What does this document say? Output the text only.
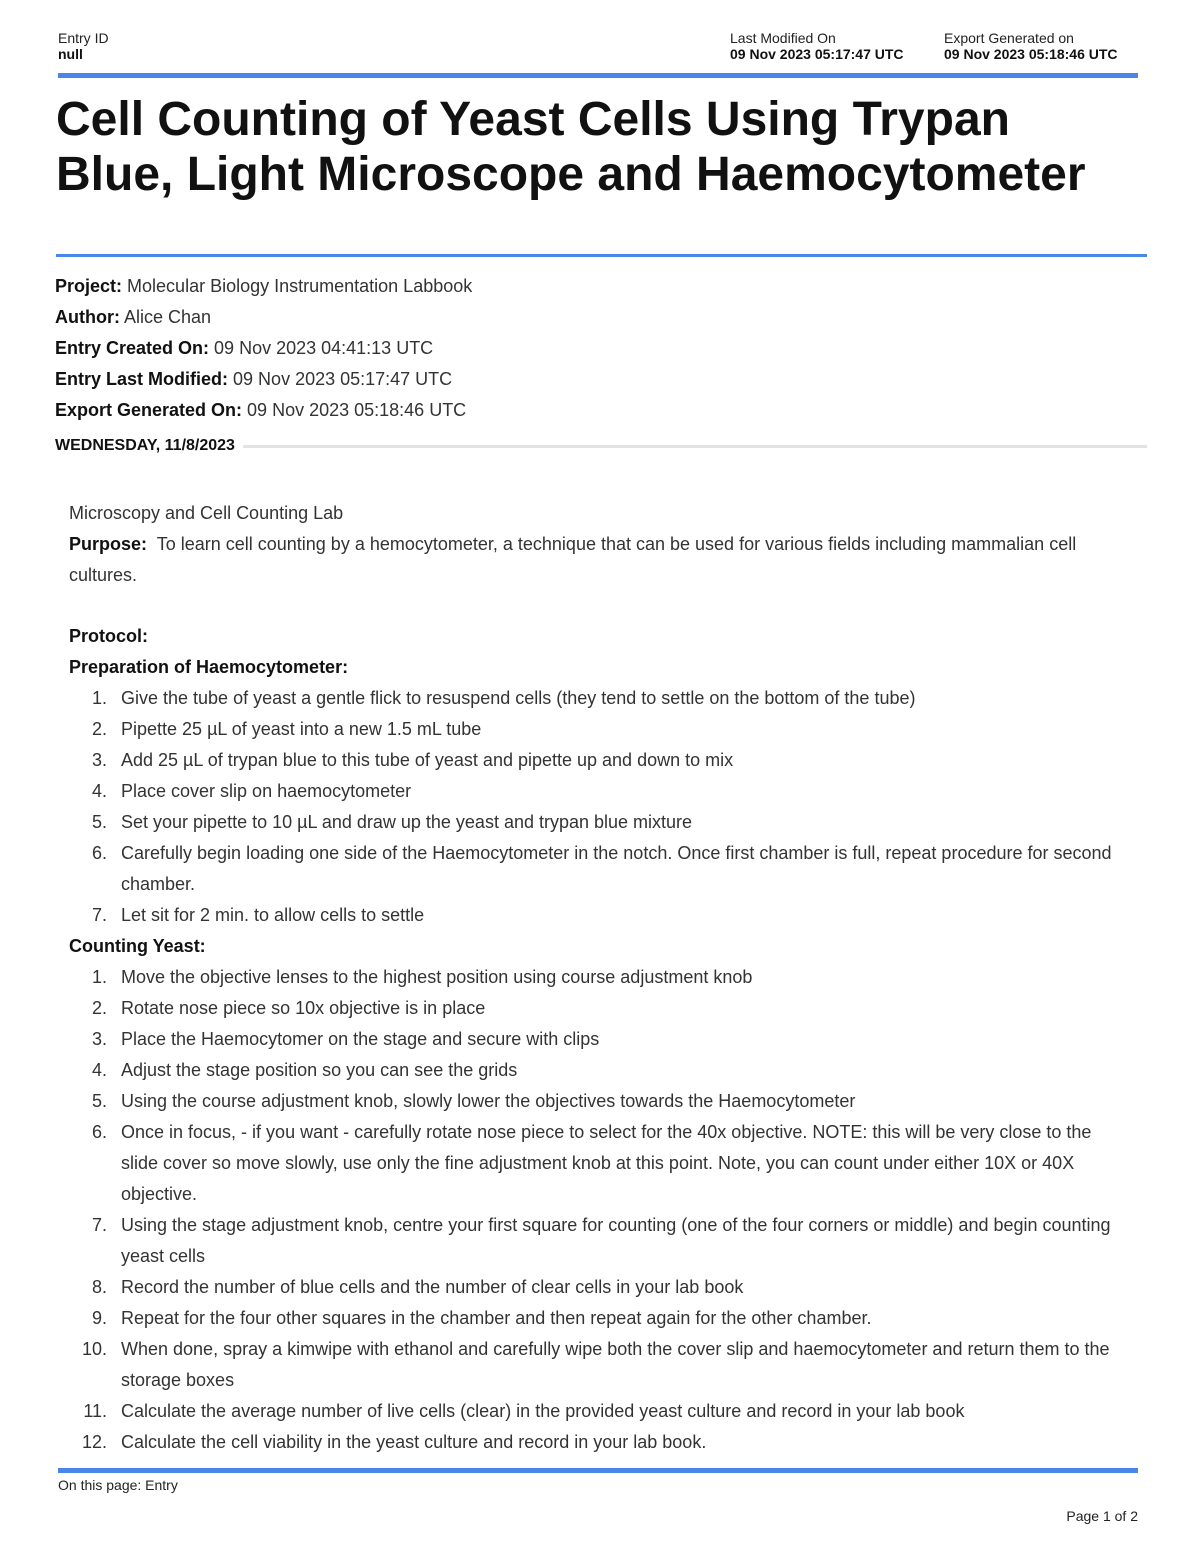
Entry ID
null
Last Modified On
09 Nov 2023 05:17:47 UTC
Export Generated on
09 Nov 2023 05:18:46 UTC
Cell Counting of Yeast Cells Using Trypan Blue, Light Microscope and Haemocytometer
Project: Molecular Biology Instrumentation Labbook
Author: Alice Chan
Entry Created On: 09 Nov 2023 04:41:13 UTC
Entry Last Modified: 09 Nov 2023 05:17:47 UTC
Export Generated On: 09 Nov 2023 05:18:46 UTC
WEDNESDAY, 11/8/2023

Microscopy and Cell Counting Lab

Purpose: To learn cell counting by a hemocytometer, a technique that can be used for various fields including mammalian cell cultures.

Protocol:

Preparation of Haemocytometer:

1. Give the tube of yeast a gentle flick to resuspend cells (they tend to settle on the bottom of the tube)
2. Pipette 25 µL of yeast into a new 1.5 mL tube
3. Add 25 µL of trypan blue to this tube of yeast and pipette up and down to mix
4. Place cover slip on haemocytometer
5. Set your pipette to 10 µL and draw up the yeast and trypan blue mixture
6. Carefully begin loading one side of the Haemocytometer in the notch. Once first chamber is full, repeat procedure for second chamber.
7. Let sit for 2 min. to allow cells to settle

Counting Yeast:

1. Move the objective lenses to the highest position using course adjustment knob
2. Rotate nose piece so 10x objective is in place
3. Place the Haemocytomer on the stage and secure with clips
4. Adjust the stage position so you can see the grids
5. Using the course adjustment knob, slowly lower the objectives towards the Haemocytometer
6. Once in focus, - if you want - carefully rotate nose piece to select for the 40x objective. NOTE: this will be very close to the slide cover so move slowly, use only the fine adjustment knob at this point. Note, you can count under either 10X or 40X objective.
7. Using the stage adjustment knob, centre your first square for counting (one of the four corners or middle) and begin counting yeast cells
8. Record the number of blue cells and the number of clear cells in your lab book
9. Repeat for the four other squares in the chamber and then repeat again for the other chamber.
10. When done, spray a kimwipe with ethanol and carefully wipe both the cover slip and haemocytometer and return them to the storage boxes
11. Calculate the average number of live cells (clear) in the provided yeast culture and record in your lab book
12. Calculate the cell viability in the yeast culture and record in your lab book.
On this page: Entry
Page 1 of 2
